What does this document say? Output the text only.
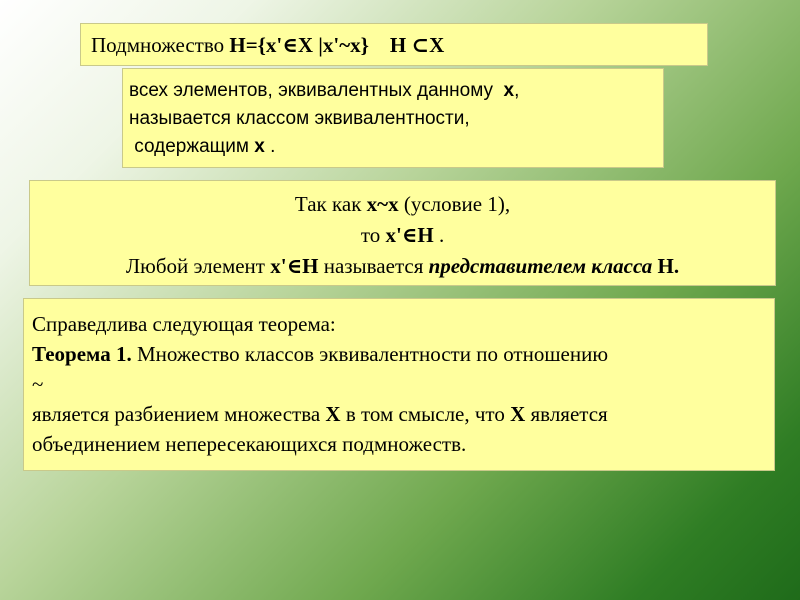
Подмножество H={x'∈X |x'~x} H ⊂X
всех элементов, эквивалентных данному  x,
называется классом эквивалентности,
содержащим x .
Так как x~x (условие 1),
то x'∈H .
Любой элемент x'∈H называется представителем класса H.
Справедлива следующая теорема:
Теорема 1. Множество классов эквивалентности по отношению
~
является разбиением множества X в том смысле, что X является
объединением непересекающихся подмножеств.
